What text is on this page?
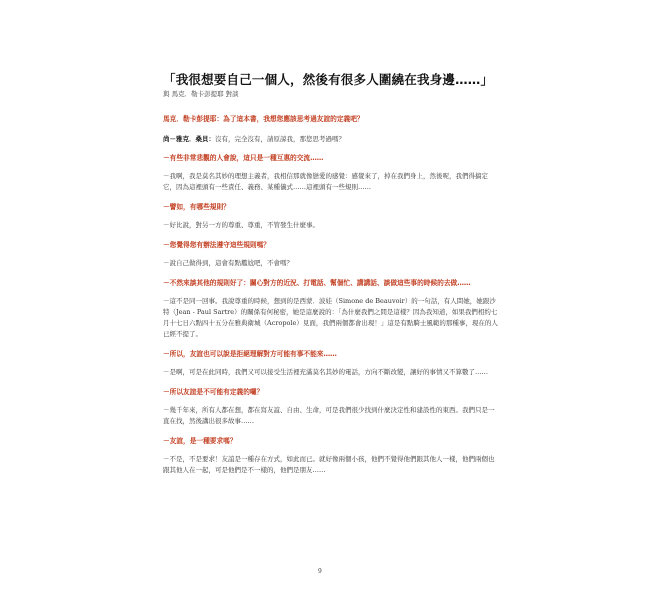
「我很想要自己一個人，然後有很多人圍繞在我身邊……」
與 馬克．勒卡彭提耶 對談
馬克．勒卡彭提耶：為了這本書，我想您應該思考過友誼的定義吧？
尚－雅克．桑貝：沒有，完全沒有，請原諒我，那您思考過嗎？
－有些非常悲觀的人會說，這只是一種互惠的交流……
－我啊，我是莫名其妙的理想主義者，我相信那就像戀愛的感覺：感覺來了，掉在我們身上，然後呢，我們得搞定它，因為這裡頭有一些責任、義務、某種儀式……這裡頭有一些規則……
－譬如，有哪些規則？
－好比說，對另一方的尊重、尊重，不管發生什麼事。
－您覺得您有辦法遵守這些規則嗎？
－說自己做得到，這會有點尷尬吧，不會嗎？
－不然來談其他的規則好了：關心對方的近況、打電話、幫個忙、講講話、談做這些事的時候的去做……
－這不是同一回事。我說尊重的時候，想到的是西蒙．波娃（Simone de Beauvoir）的一句話，有人問她，她跟沙特（Jean - Paul Sartre）的關係有何秘密，她是這麼說的：「為什麼我們之間是這樣？因為我知道，如果我們相約七月十七日六點四十五分在雅典衛城（Acropole）見面，我們兩個都會出現！」這是有點騎士風範的那種事，現在的人已經不提了。
－所以，友誼也可以說是拒絕理解對方可能有事不能來……
－是啊，可是在此同時，我們又可以接受生活裡充滿莫名其妙的電話，方向不斷改變，讓好的事情又不算數了……
－所以友誼是不可能有定義的囉？
－幾千年來，所有人都在想，都在寫友誼、自由、生命，可是我們很少找到什麼決定性和建設性的東西。我們只是一直在找，然後講出很多故事……
－友誼，是一種要求嗎？
－不是，不是要求！友誼是一種存在方式，如此而已。就好像兩個小孩，他們不覺得他們跟其他人一樣，他們兩個也跟其他人在一起，可是他們是不一樣的，他們是朋友……
9
